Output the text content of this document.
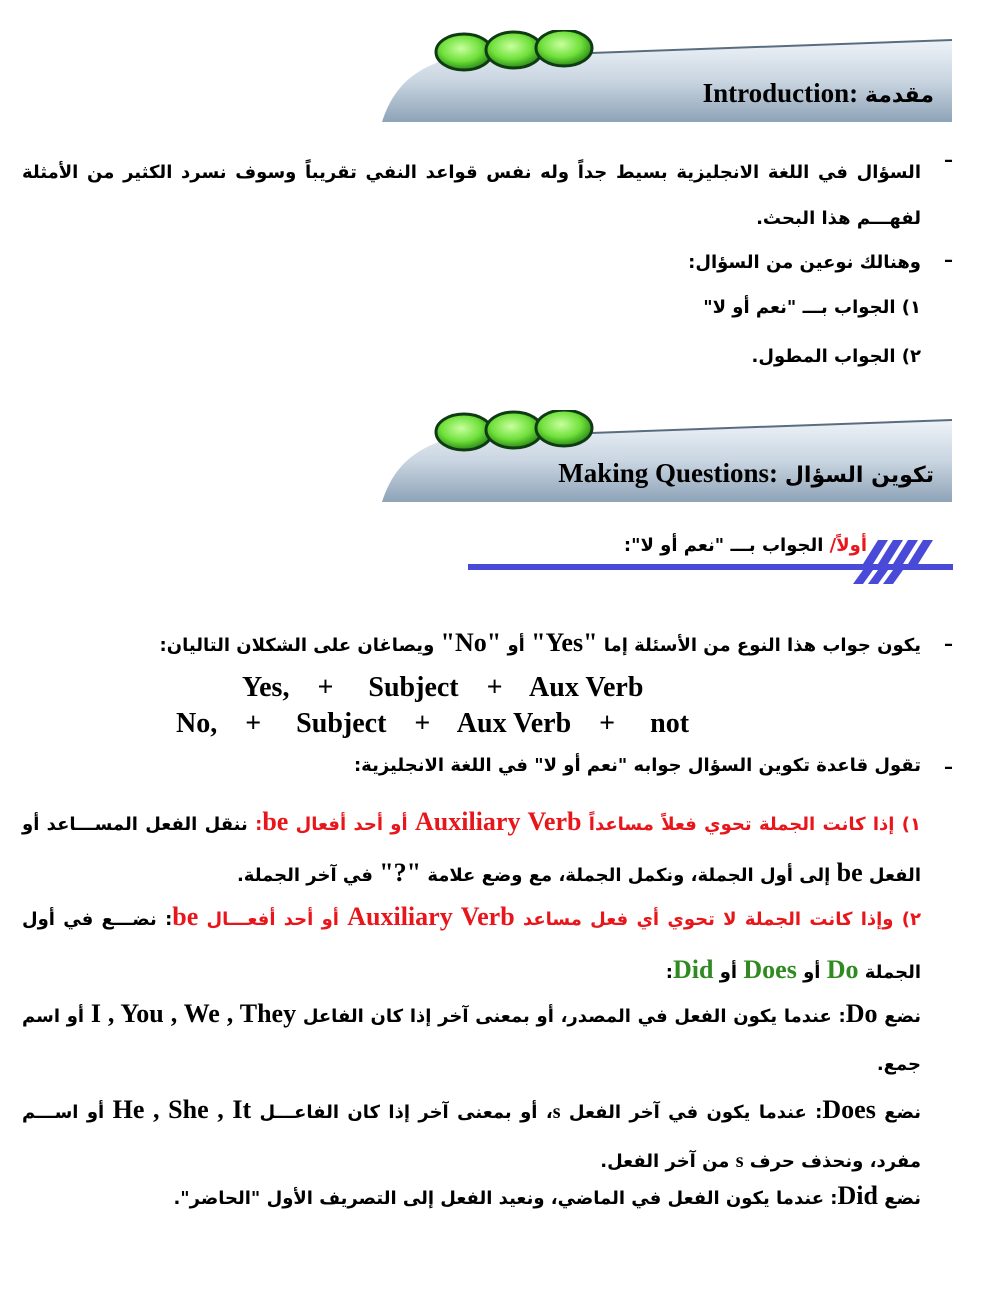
مقدمة Introduction:
–
السؤال في اللغة الانجليزية بسيط جداً وله نفس قواعد النفي تقريباً وسوف نسرد الكثير من الأمثلة لفهـــم هذا البحث.
–
وهنالك نوعين من السؤال:
١) الجواب بـــ "نعم أو لا"
٢) الجواب المطول.
تكوين السؤال Making Questions:
أولاً/ الجواب بـــ "نعم أو لا":
–
يكون جواب هذا النوع من الأسئلة إما "Yes" أو "No" ويصاغان على الشكلان التاليان:
Yes,    +     Subject    +    Aux Verb
No,    +     Subject    +    Aux Verb    +     not
–
تقول قاعدة تكوين السؤال جوابه "نعم أو لا" في اللغة الانجليزية:
١) إذا كانت الجملة تحوي فعلاً مساعداً Auxiliary Verb أو أحد أفعال be: ننقل الفعل المســـاعد أو الفعل be إلى أول الجملة، ونكمل الجملة، مع وضع علامة "?" في آخر الجملة.
٢) وإذا كانت الجملة لا تحوي أي فعل مساعد Auxiliary Verb أو أحد أفعـــال be: نضـــع في أول الجملة Do أو Does أو Did:
نضع Do: عندما يكون الفعل في المصدر، أو بمعنى آخر إذا كان الفاعل I , You , We , They أو اسم جمع.
نضع Does: عندما يكون في آخر الفعل s، أو بمعنى آخر إذا كان الفاعـــل He , She , It أو اســـم مفرد، ونحذف حرف s من آخر الفعل.
نضع Did: عندما يكون الفعل في الماضي، ونعيد الفعل إلى التصريف الأول "الحاضر".
